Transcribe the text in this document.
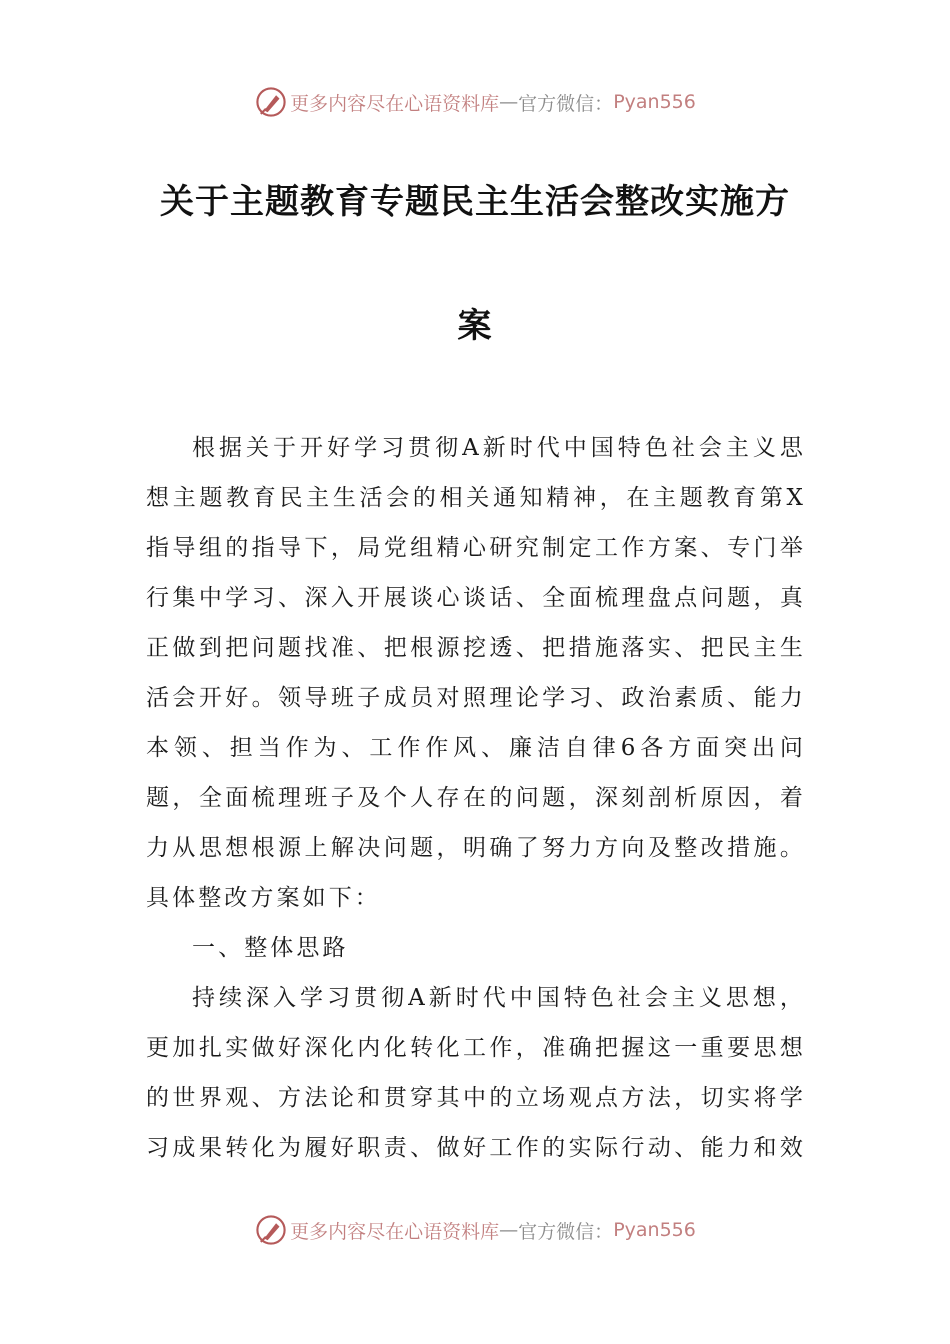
更多内容尽在心语资料库 — 官方微信： Pyan556
关于主题教育专题民主生活会整改实施方
案

根据关于开好学习贯彻A新时代中国特色社会主义思想主题教育民主生活会的相关通知精神，在主题教育第X指导组的指导下，局党组精心研究制定工作方案、专门举行集中学习、深入开展谈心谈话、全面梳理盘点问题，真正做到把问题找准、把根源挖透、把措施落实、把民主生活会开好。领导班子成员对照理论学习、政治素质、能力本领、担当作为、工作作风、廉洁自律6各方面突出问题，全面梳理班子及个人存在的问题，深刻剖析原因，着力从思想根源上解决问题，明确了努力方向及整改措施。具体整改方案如下：

一、整体思路

持续深入学习贯彻A新时代中国特色社会主义思想，更加扎实做好深化内化转化工作，准确把握这一重要思想的世界观、方法论和贯穿其中的立场观点方法，切实将学习成果转化为履好职责、做好工作的实际行动、能力和效

更多内容尽在心语资料库 — 官方微信： Pyan556
